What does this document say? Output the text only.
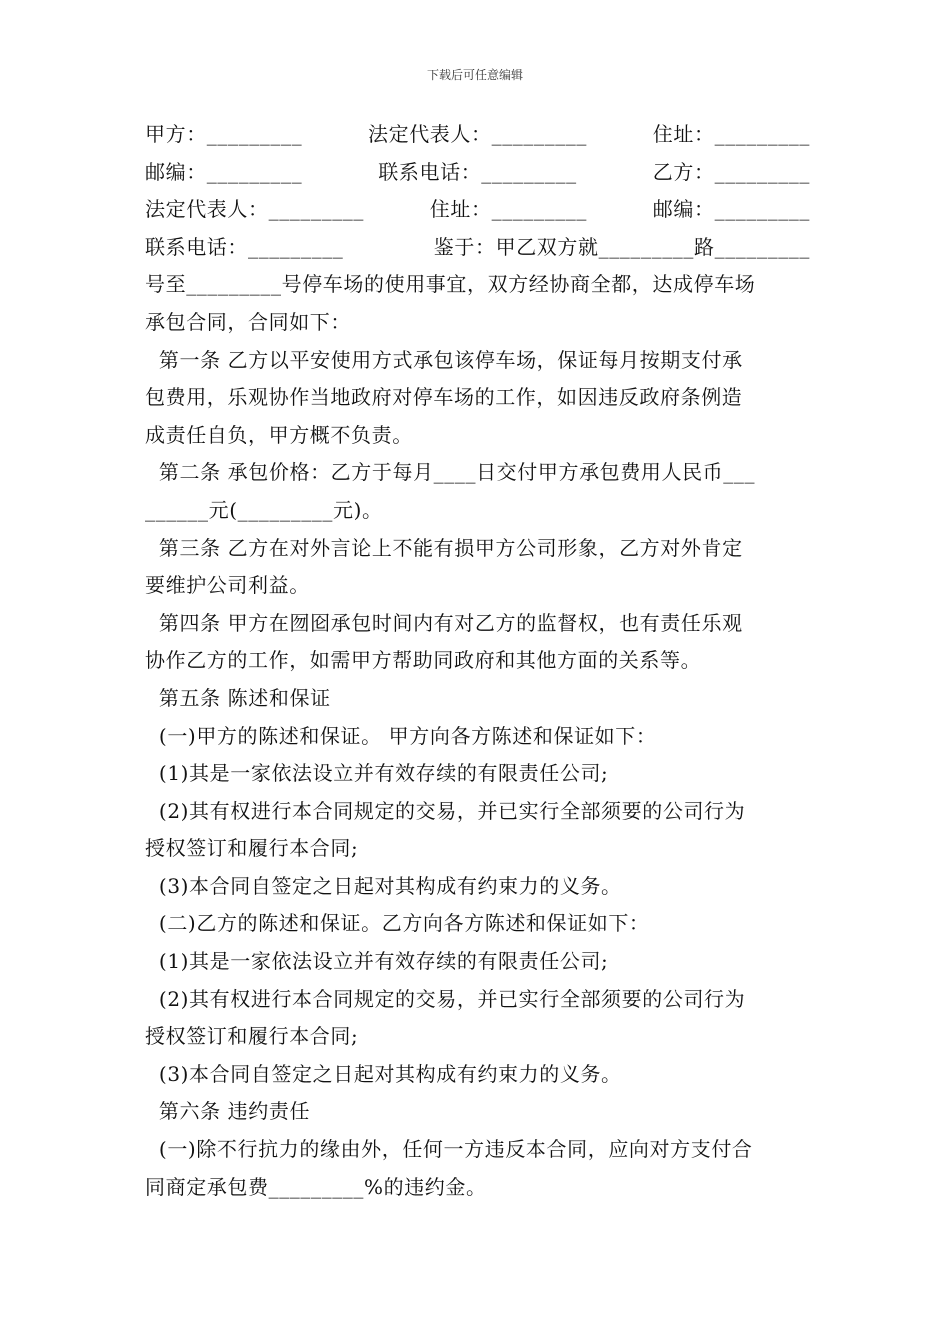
下载后可任意编辑
甲方：_________	法定代表人：_________	住址：_________
邮编：_________	联系电话：_________	乙方：_________
法定代表人：_________	住址：_________	邮编：_________
联系电话：_________	鉴于：甲乙双方就_________路_________
号至_________号停车场的使用事宜，双方经协商全都，达成停车场
承包合同，合同如下：
第一条 乙方以平安使用方式承包该停车场，保证每月按期支付承
包费用，乐观协作当地政府对停车场的工作，如因违反政府条例造
成责任自负，甲方概不负责。
第二条 承包价格：乙方于每月____日交付甲方承包费用人民币___
______元(_________元)。
第三条 乙方在对外言论上不能有损甲方公司形象，乙方对外肯定
要维护公司利益。
第四条 甲方在囫囵承包时间内有对乙方的监督权，也有责任乐观
协作乙方的工作，如需甲方帮助同政府和其他方面的关系等。
第五条 陈述和保证
(一)甲方的陈述和保证。 甲方向各方陈述和保证如下：
(1)其是一家依法设立并有效存续的有限责任公司;
(2)其有权进行本合同规定的交易，并已实行全部须要的公司行为
授权签订和履行本合同;
(3)本合同自签定之日起对其构成有约束力的义务。
(二)乙方的陈述和保证。乙方向各方陈述和保证如下：
(1)其是一家依法设立并有效存续的有限责任公司;
(2)其有权进行本合同规定的交易，并已实行全部须要的公司行为
授权签订和履行本合同;
(3)本合同自签定之日起对其构成有约束力的义务。
第六条 违约责任
(一)除不行抗力的缘由外，任何一方违反本合同，应向对方支付合
同商定承包费_________%的违约金。
